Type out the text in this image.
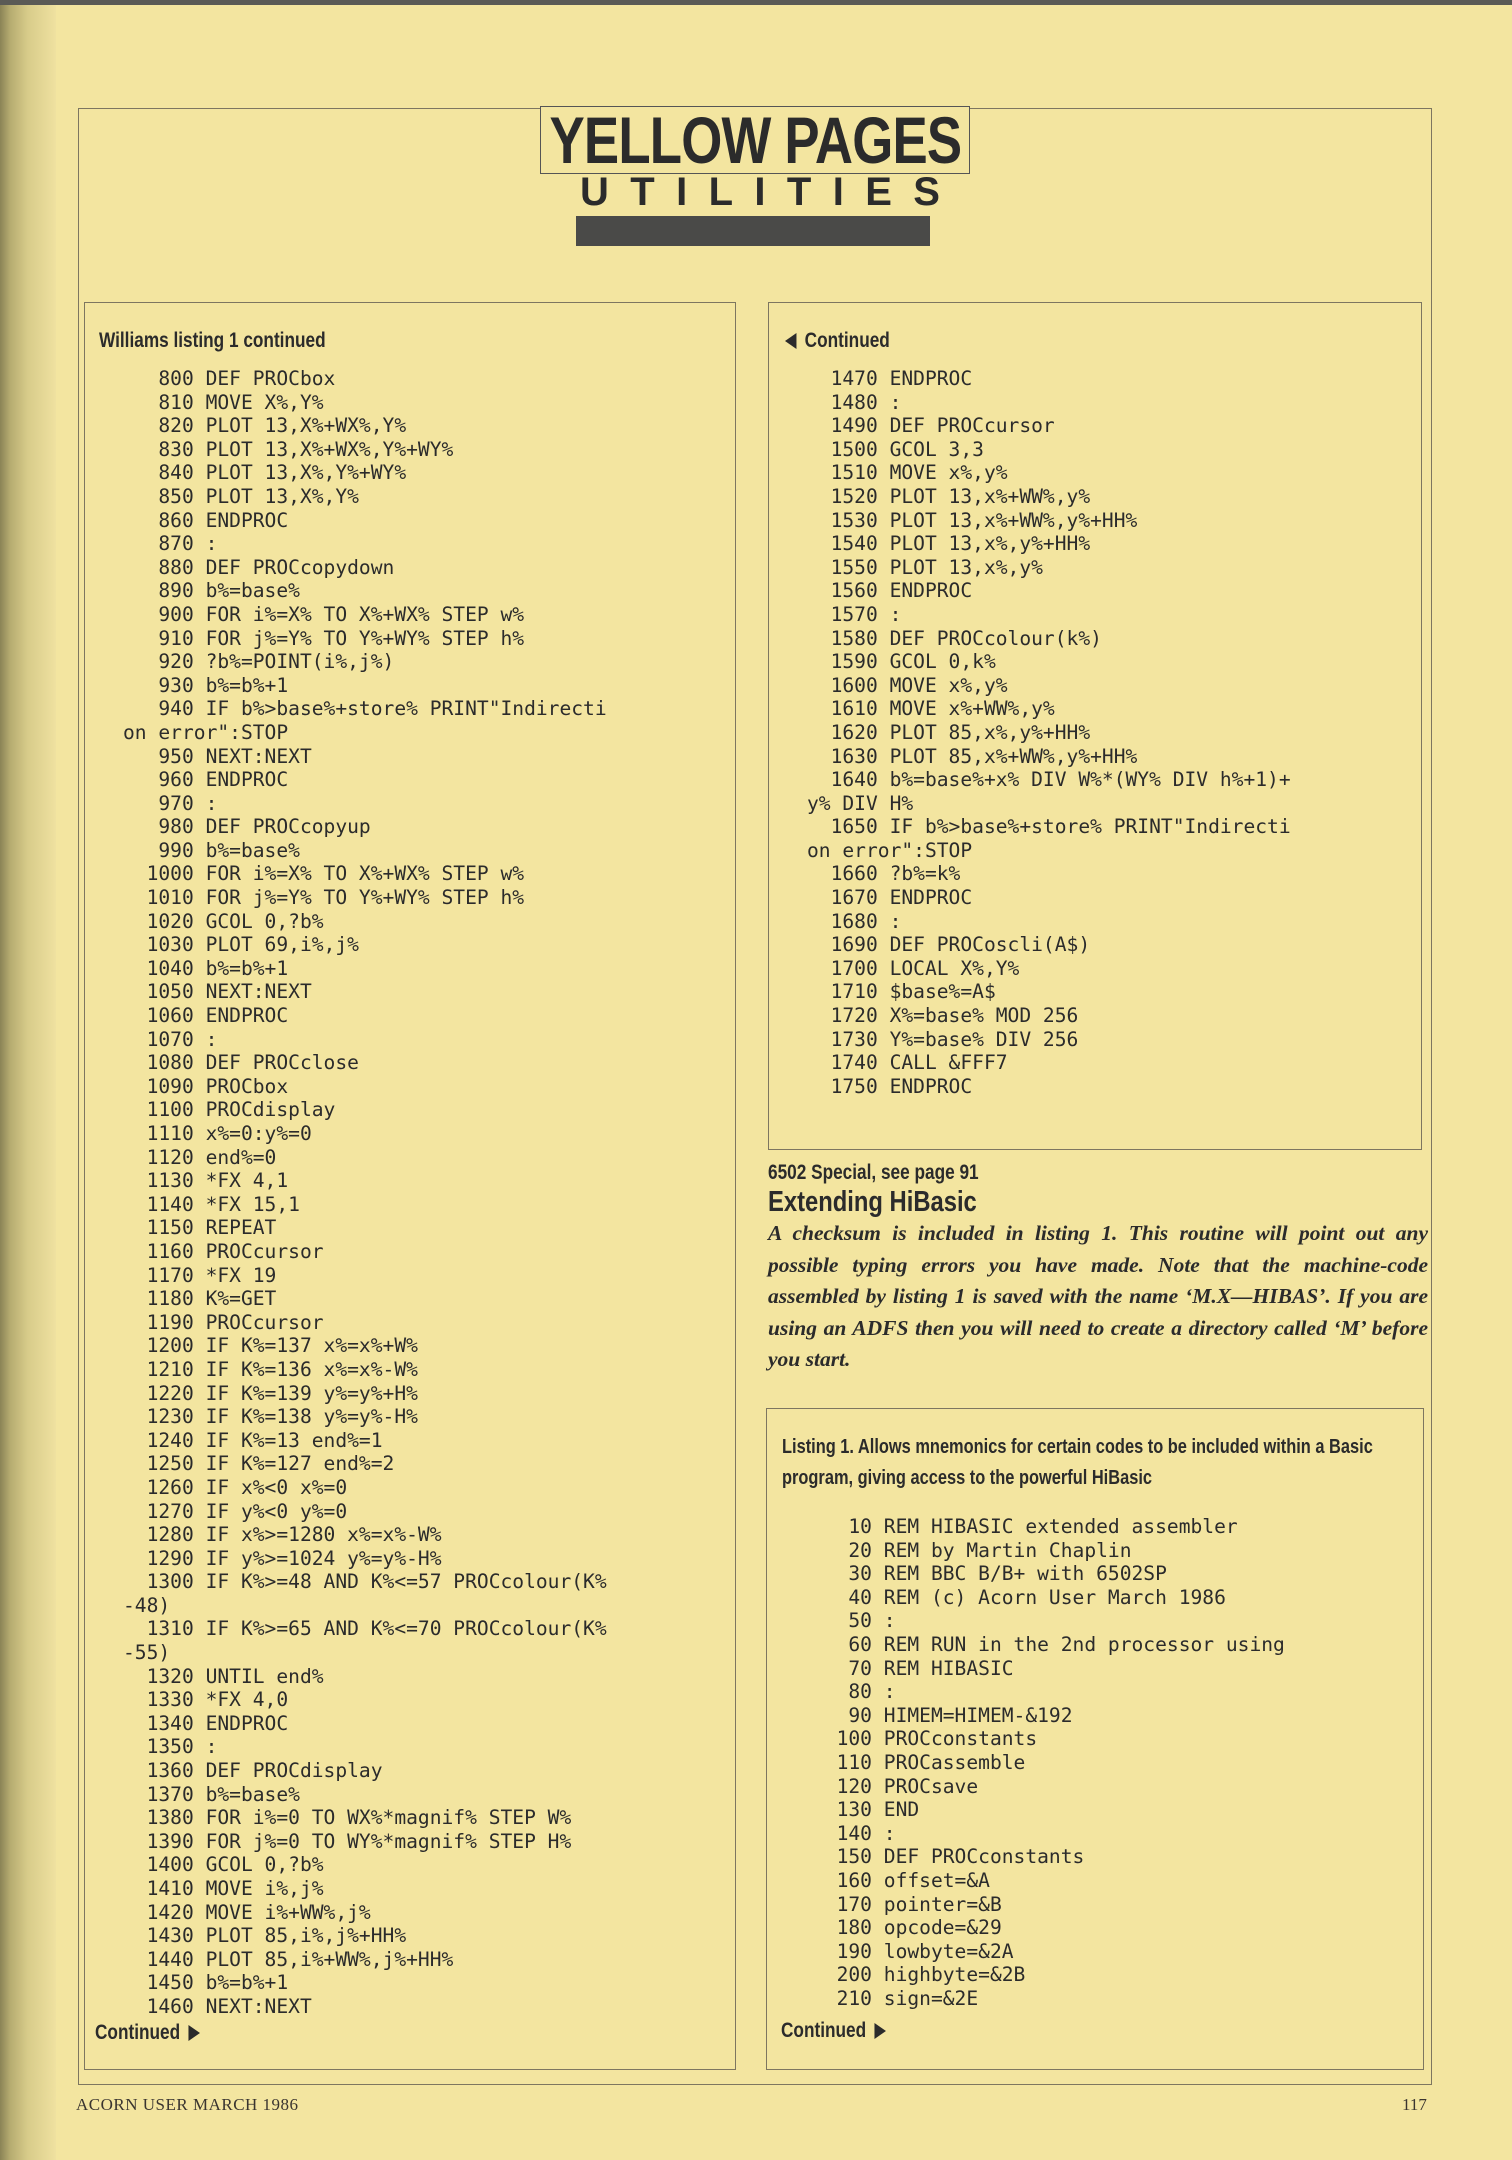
YELLOW PAGES
U T I L I T I E S
Williams listing 1 continued
800 DEF PROCbox
810 MOVE X%,Y%
820 PLOT 13,X%+WX%,Y%
830 PLOT 13,X%+WX%,Y%+WY%
840 PLOT 13,X%,Y%+WY%
850 PLOT 13,X%,Y%
860 ENDPROC
870 :
880 DEF PROCcopydown
890 b%=base%
900 FOR i%=X% TO X%+WX% STEP w%
910 FOR j%=Y% TO Y%+WY% STEP h%
920 ?b%=POINT(i%,j%)
930 b%=b%+1
940 IF b%>base%+store% PRINT"Indirecti
on error":STOP
950 NEXT:NEXT
960 ENDPROC
970 :
980 DEF PROCcopyup
990 b%=base%
1000 FOR i%=X% TO X%+WX% STEP w%
1010 FOR j%=Y% TO Y%+WY% STEP h%
1020 GCOL 0,?b%
1030 PLOT 69,i%,j%
1040 b%=b%+1
1050 NEXT:NEXT
1060 ENDPROC
1070 :
1080 DEF PROCclose
1090 PROCbox
1100 PROCdisplay
1110 x%=0:y%=0
1120 end%=0
1130 *FX 4,1
1140 *FX 15,1
1150 REPEAT
1160 PROCcursor
1170 *FX 19
1180 K%=GET
1190 PROCcursor
1200 IF K%=137 x%=x%+W%
1210 IF K%=136 x%=x%-W%
1220 IF K%=139 y%=y%+H%
1230 IF K%=138 y%=y%-H%
1240 IF K%=13 end%=1
1250 IF K%=127 end%=2
1260 IF x%<0 x%=0
1270 IF y%<0 y%=0
1280 IF x%>=1280 x%=x%-W%
1290 IF y%>=1024 y%=y%-H%
1300 IF K%>=48 AND K%<=57 PROCcolour(K%
-48)
1310 IF K%>=65 AND K%<=70 PROCcolour(K%
-55)
1320 UNTIL end%
1330 *FX 4,0
1340 ENDPROC
1350 :
1360 DEF PROCdisplay
1370 b%=base%
1380 FOR i%=0 TO WX%*magnif% STEP W%
1390 FOR j%=0 TO WY%*magnif% STEP H%
1400 GCOL 0,?b%
1410 MOVE i%,j%
1420 MOVE i%+WW%,j%
1430 PLOT 85,i%,j%+HH%
1440 PLOT 85,i%+WW%,j%+HH%
1450 b%=b%+1
1460 NEXT:NEXT
Continued
Continued
1470 ENDPROC
1480 :
1490 DEF PROCcursor
1500 GCOL 3,3
1510 MOVE x%,y%
1520 PLOT 13,x%+WW%,y%
1530 PLOT 13,x%+WW%,y%+HH%
1540 PLOT 13,x%,y%+HH%
1550 PLOT 13,x%,y%
1560 ENDPROC
1570 :
1580 DEF PROCcolour(k%)
1590 GCOL 0,k%
1600 MOVE x%,y%
1610 MOVE x%+WW%,y%
1620 PLOT 85,x%,y%+HH%
1630 PLOT 85,x%+WW%,y%+HH%
1640 b%=base%+x% DIV W%*(WY% DIV h%+1)+
y% DIV H%
1650 IF b%>base%+store% PRINT"Indirecti
on error":STOP
1660 ?b%=k%
1670 ENDPROC
1680 :
1690 DEF PROCoscli(A$)
1700 LOCAL X%,Y%
1710 $base%=A$
1720 X%=base% MOD 256
1730 Y%=base% DIV 256
1740 CALL &FFF7
1750 ENDPROC
6502 Special, see page 91
Extending HiBasic
A checksum is included in listing 1. This routine will point out any possible typing errors you have made. Note that the machine-code assembled by listing 1 is saved with the name ‘M.X—HIBAS’. If you are using an ADFS then you will need to create a directory called ‘M’ before you start.
10 REM HIBASIC extended assembler
20 REM by Martin Chaplin
30 REM BBC B/B+ with 6502SP
40 REM (c) Acorn User March 1986
50 :
60 REM RUN in the 2nd processor using
70 REM HIBASIC
80 :
90 HIMEM=HIMEM-&192
100 PROCconstants
110 PROCassemble
120 PROCsave
130 END
140 :
150 DEF PROCconstants
160 offset=&A
170 pointer=&B
180 opcode=&29
190 lowbyte=&2A
200 highbyte=&2B
210 sign=&2E
Continued
Listing 1. Allows mnemonics for certain codes to be included within a Basic
program, giving access to the powerful HiBasic
ACORN USER MARCH 1986	117
